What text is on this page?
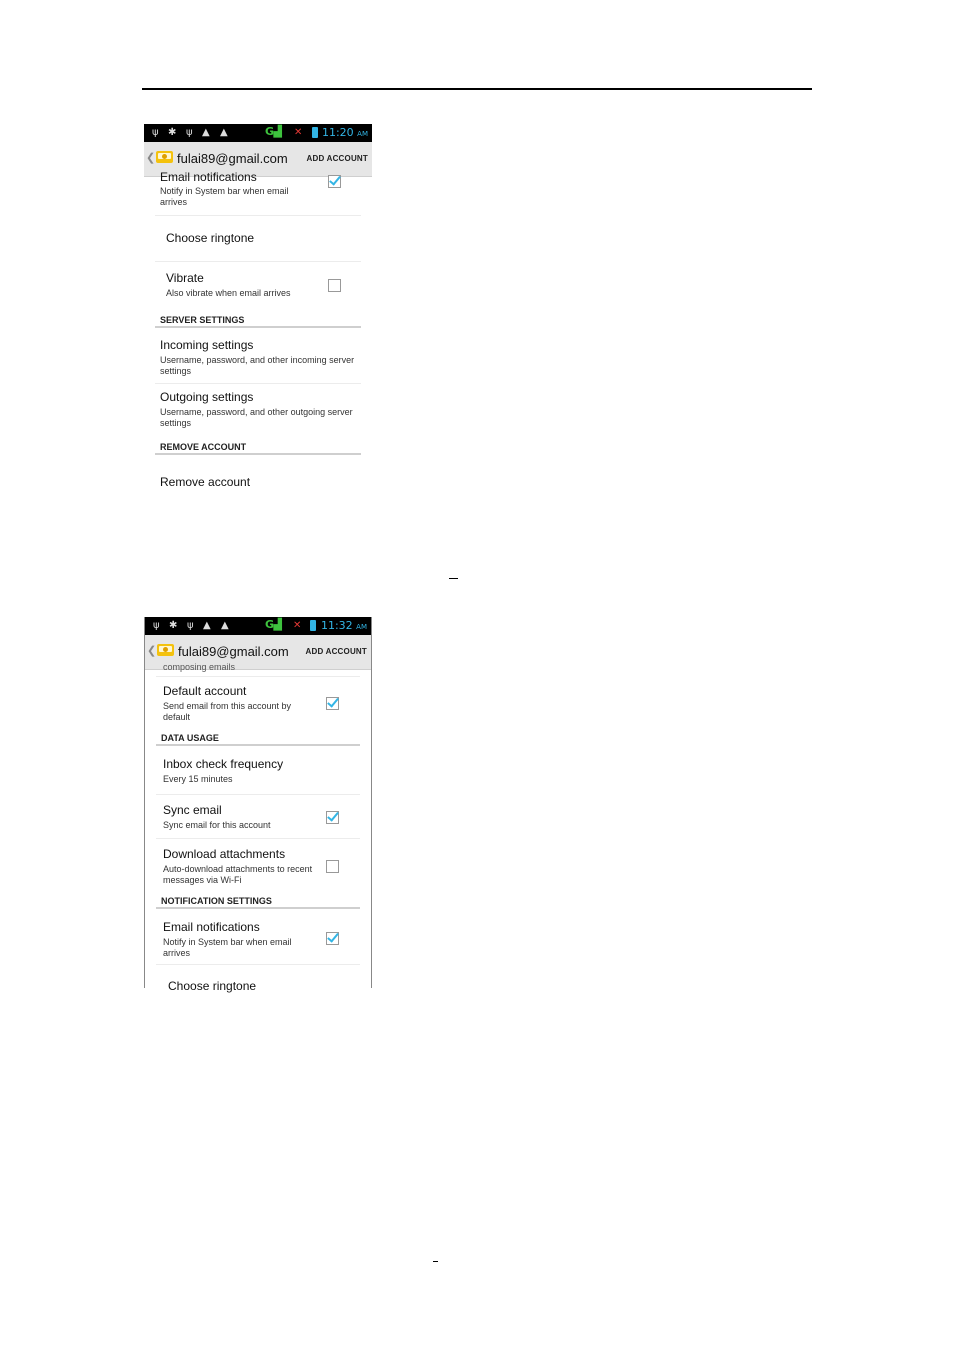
ψ ✱ ψ ▲ ▲	G▟ ✕ 11:20 AM
❮ fulai89@gmail.com ADD ACCOUNT
Email notifications
Notify in System bar when email arrives
Choose ringtone
Vibrate
Also vibrate when email arrives
SERVER SETTINGS
Incoming settings
Username, password, and other incoming server settings
Outgoing settings
Username, password, and other outgoing server settings
REMOVE ACCOUNT
Remove account
ψ ✱ ψ ▲ ▲	G▟ ✕ 11:32 AM
❮ fulai89@gmail.com ADD ACCOUNT
composing emails
Default account
Send email from this account by default
DATA USAGE
Inbox check frequency
Every 15 minutes
Sync email
Sync email for this account
Download attachments
Auto-download attachments to recent messages via Wi-Fi
NOTIFICATION SETTINGS
Email notifications
Notify in System bar when email arrives
Choose ringtone
